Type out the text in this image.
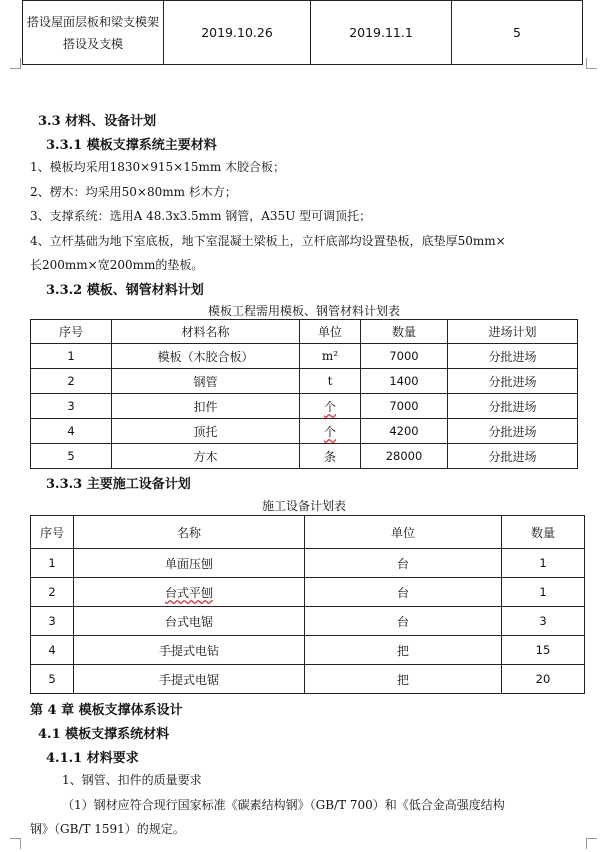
搭设屋面层板和梁支模架搭设及支模	2019.10.26	2019.11.1	5
3.3 材料、设备计划
3.3.1 模板支撑系统主要材料
1、模板均采用1830×915×15mm 木胶合板；
2、楞木：均采用50×80mm 杉木方；
3、支撑系统：选用A 48.3x3.5mm 钢管，A35U 型可调顶托；
4、立杆基础为地下室底板，地下室混凝土梁板上，立杆底部均设置垫板，底垫厚50mm×
长200mm×宽200mm的垫板。
3.3.2 模板、钢管材料计划
模板工程需用模板、钢管材料计划表
序号	材料名称	单位	数量	进场计划
1	模板（木胶合板）	m²	7000	分批进场
2	钢管	t	1400	分批进场
3	扣件	个	7000	分批进场
4	顶托	个	4200	分批进场
5	方木	条	28000	分批进场
3.3.3 主要施工设备计划
施工设备计划表
序号	名称	单位	数量
1	单面压刨	台	1
2	台式平刨	台	1
3	台式电锯	台	3
4	手提式电钻	把	15
5	手提式电锯	把	20
第 4 章 模板支撑体系设计
4.1 模板支撑系统材料
4.1.1 材料要求
1、钢管、扣件的质量要求
（1）钢材应符合现行国家标准《碳素结构钢》（GB/T 700）和《低合金高强度结构
钢》（GB/T 1591）的规定。
